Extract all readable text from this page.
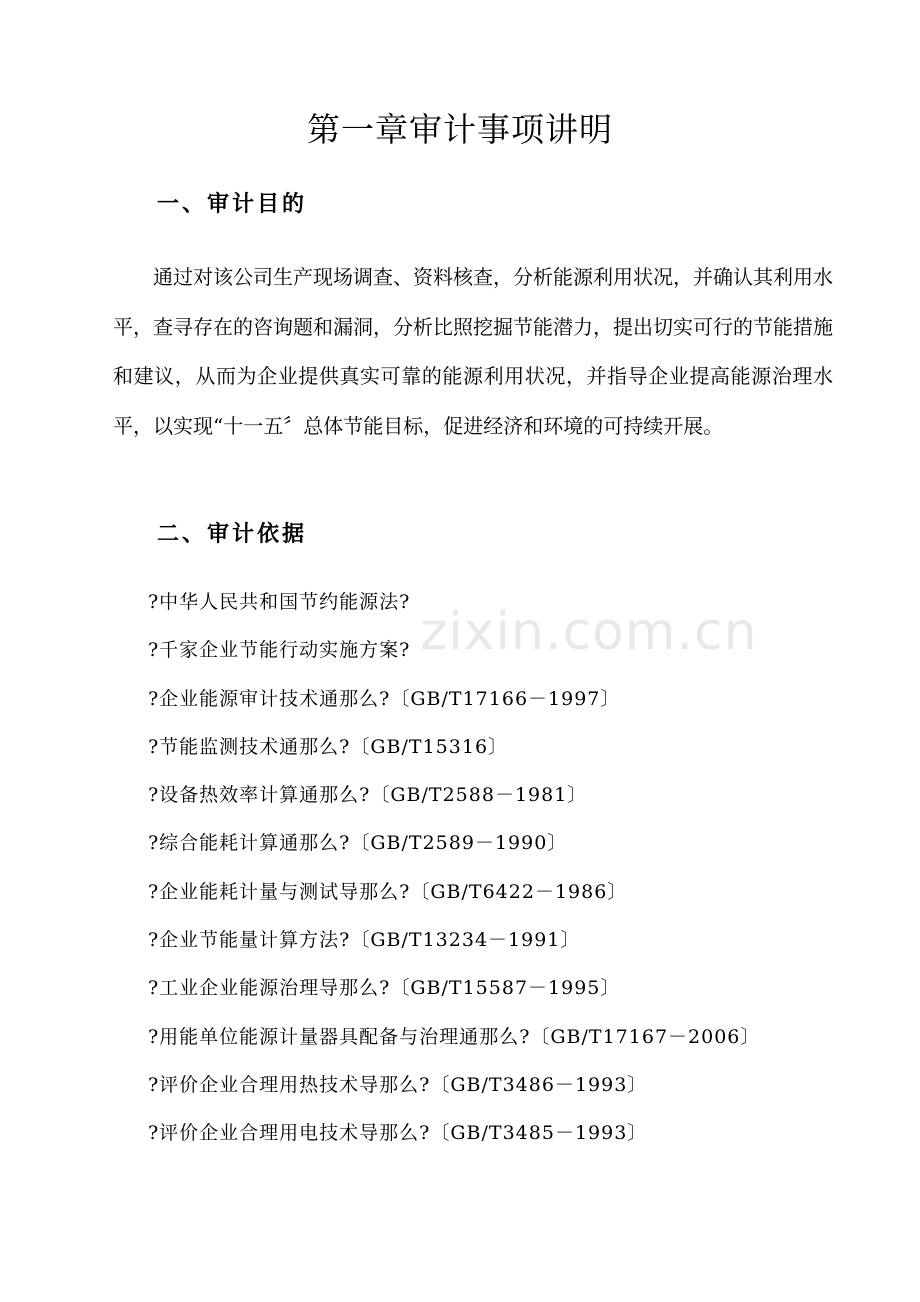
第一章审计事项讲明
一、审计目的
通过对该公司生产现场调查、资料核查，分析能源利用状况，并确认其利用水平，查寻存在的咨询题和漏洞，分析比照挖掘节能潜力，提出切实可行的节能措施和建议，从而为企业提供真实可靠的能源利用状况，并指导企业提高能源治理水平，以实现“十一五〞总体节能目标，促进经济和环境的可持续开展。
二、审计依据
?中华人民共和国节约能源法?
?千家企业节能行动实施方案?
?企业能源审计技术通那么?〔GB/T17166－1997〕
?节能监测技术通那么?〔GB/T15316〕
?设备热效率计算通那么?〔GB/T2588－1981〕
?综合能耗计算通那么?〔GB/T2589－1990〕
?企业能耗计量与测试导那么?〔GB/T6422－1986〕
?企业节能量计算方法?〔GB/T13234－1991〕
?工业企业能源治理导那么?〔GB/T15587－1995〕
?用能单位能源计量器具配备与治理通那么?〔GB/T17167－2006〕
?评价企业合理用热技术导那么?〔GB/T3486－1993〕
?评价企业合理用电技术导那么?〔GB/T3485－1993〕
zixin.com.cn
